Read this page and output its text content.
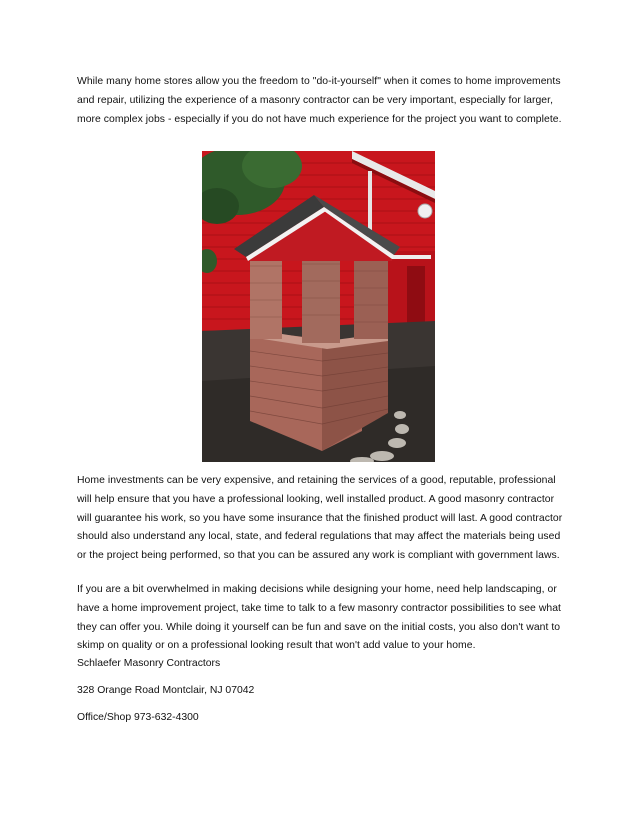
While many home stores allow you the freedom to "do-it-yourself" when it comes to home improvements and repair, utilizing the experience of a masonry contractor can be very important, especially for larger, more complex jobs - especially if you do not have much experience for the project you want to complete.

Home investments can be very expensive, and retaining the services of a good, reputable, professional will help ensure that you have a professional looking, well installed product. A good masonry contractor will guarantee his work, so you have some insurance that the finished product will last. A good contractor should also understand any local, state, and federal regulations that may affect the materials being used or the project being performed, so that you can be assured any work is compliant with government laws.

If you are a bit overwhelmed in making decisions while designing your home, need help landscaping, or have a home improvement project, take time to talk to a few masonry contractor possibilities to see what they can offer you. While doing it yourself can be fun and save on the initial costs, you also don't want to skimp on quality or on a professional looking result that won't add value to your home.

Schlaefer Masonry Contractors

328 Orange Road Montclair, NJ 07042

Office/Shop 973-632-4300
